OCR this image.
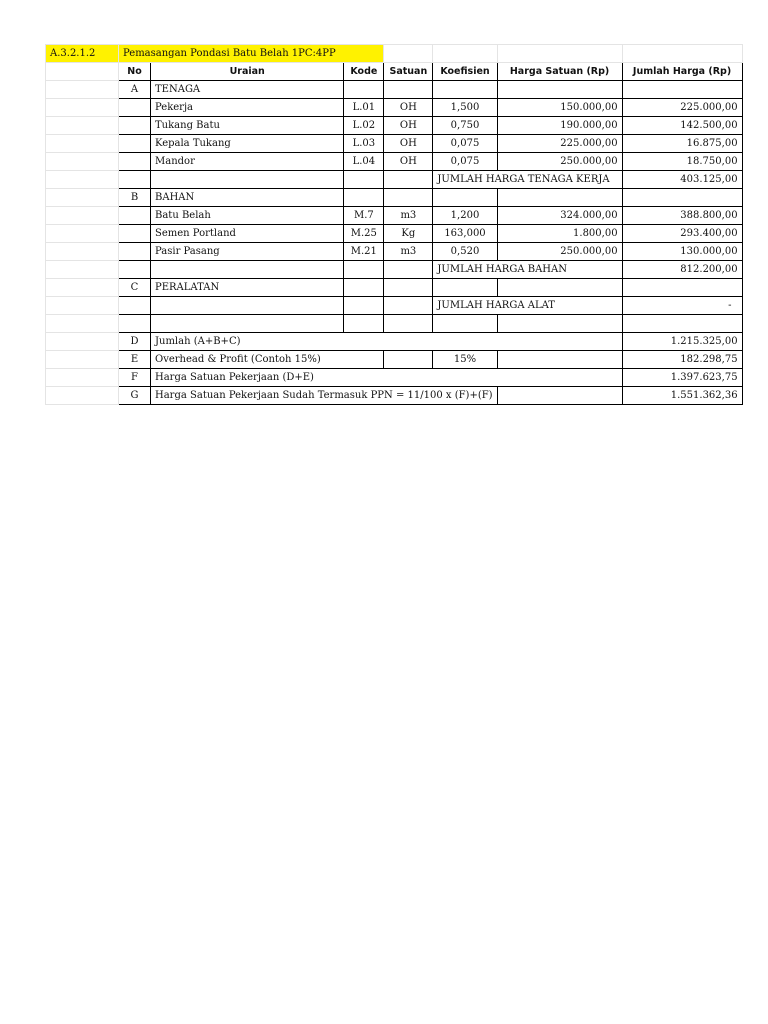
A.3.2.1.2	Pemasangan Pondasi Batu Belah 1PC:4PP						
	No	Uraian	Kode	Satuan	Koefisien	Harga Satuan (Rp)	Jumlah Harga (Rp)
	A	TENAGA					
		Pekerja	L.01	OH	1,500	150.000,00	225.000,00
		Tukang Batu	L.02	OH	0,750	190.000,00	142.500,00
		Kepala Tukang	L.03	OH	0,075	225.000,00	16.875,00
		Mandor	L.04	OH	0,075	250.000,00	18.750,00
					JUMLAH HARGA TENAGA KERJA		403.125,00
	B	BAHAN					
		Batu Belah	M.7	m3	1,200	324.000,00	388.800,00
		Semen Portland	M.25	Kg	163,000	1.800,00	293.400,00
		Pasir Pasang	M.21	m3	0,520	250.000,00	130.000,00
					JUMLAH HARGA BAHAN		812.200,00
	C	PERALATAN					
					JUMLAH HARGA ALAT		-

	D	Jumlah (A+B+C)					1.215.325,00
	E	Overhead & Profit (Contoh 15%)			15%		182.298,75
	F	Harga Satuan Pekerjaan (D+E)					1.397.623,75
	G	Harga Satuan Pekerjaan Sudah Termasuk PPN = 11/100 x (F)+(F)					1.551.362,36
